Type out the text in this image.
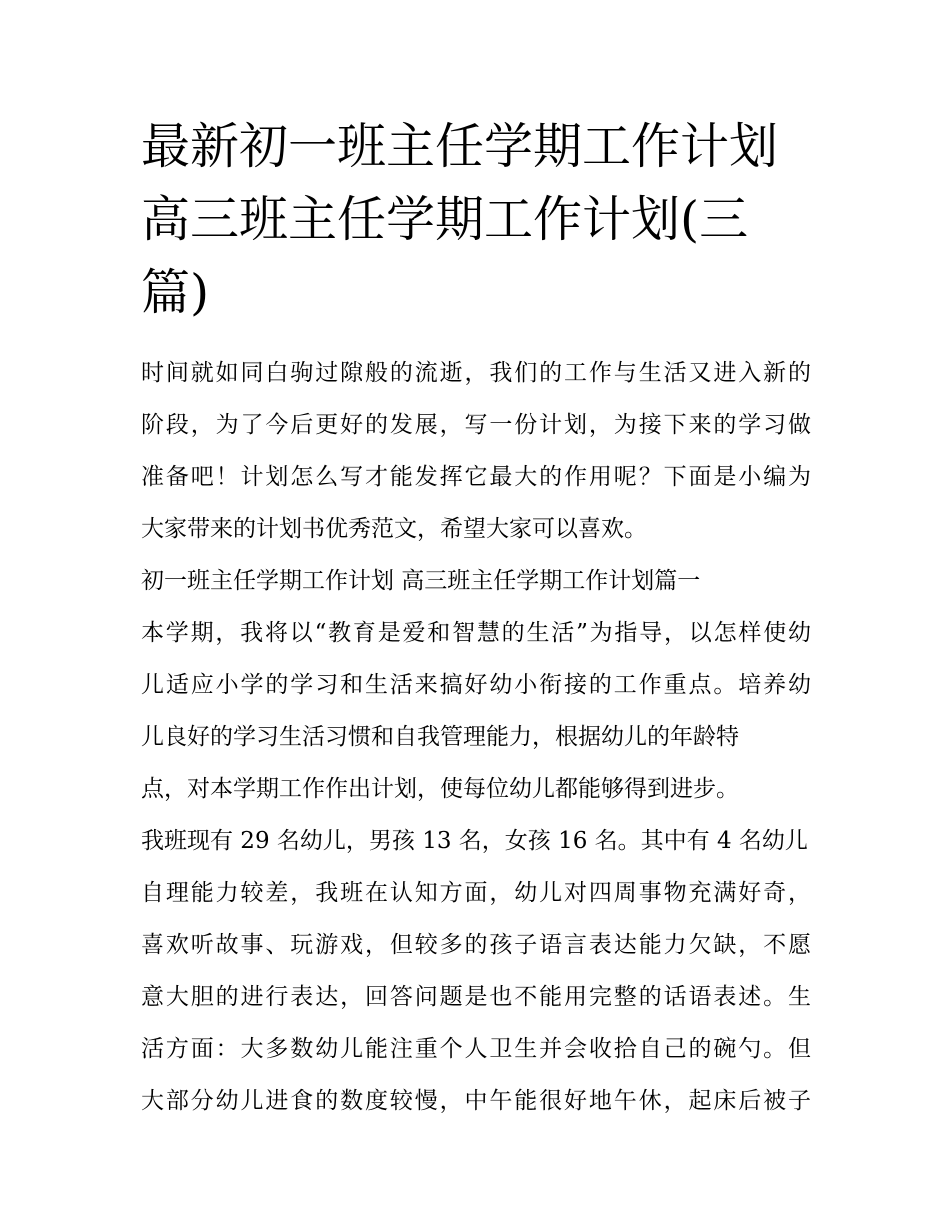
最新初一班主任学期工作计划
高三班主任学期工作计划(三
篇)
时间就如同白驹过隙般的流逝，我们的工作与生活又进入新的
阶段，为了今后更好的发展，写一份计划，为接下来的学习做
准备吧！计划怎么写才能发挥它最大的作用呢？下面是小编为
大家带来的计划书优秀范文，希望大家可以喜欢。
初一班主任学期工作计划 高三班主任学期工作计划篇一
本学期，我将以“教育是爱和智慧的生活”为指导，以怎样使幼
儿适应小学的学习和生活来搞好幼小衔接的工作重点。培养幼
儿良好的学习生活习惯和自我管理能力，根据幼儿的年龄特
点，对本学期工作作出计划，使每位幼儿都能够得到进步。
我班现有 29 名幼儿，男孩 13 名，女孩 16 名。其中有 4 名幼儿
自理能力较差，我班在认知方面，幼儿对四周事物充满好奇，
喜欢听故事、玩游戏，但较多的孩子语言表达能力欠缺，不愿
意大胆的进行表达，回答问题是也不能用完整的话语表述。生
活方面：大多数幼儿能注重个人卫生并会收拾自己的碗勺。但
大部分幼儿进食的数度较慢，中午能很好地午休，起床后被子
